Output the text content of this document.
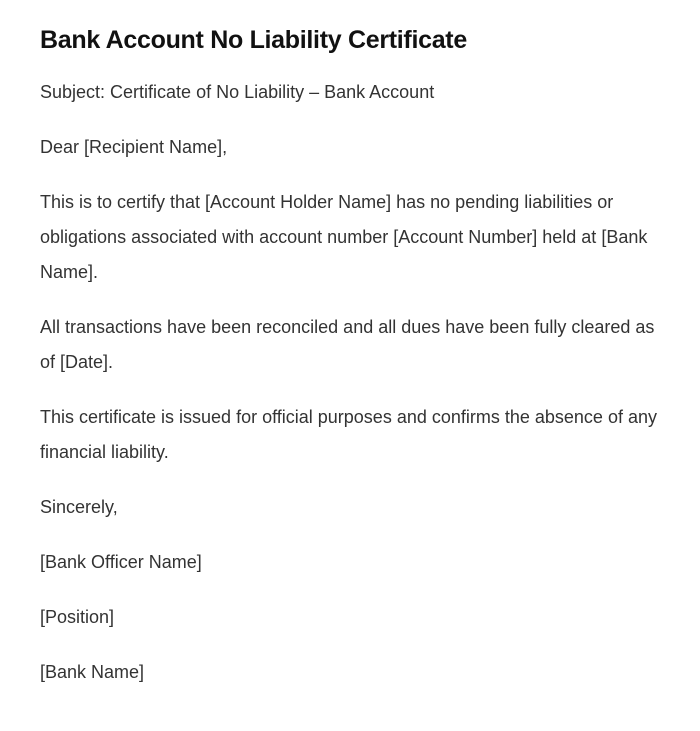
Bank Account No Liability Certificate

Subject: Certificate of No Liability – Bank Account

Dear [Recipient Name],

This is to certify that [Account Holder Name] has no pending liabilities or obligations associated with account number [Account Number] held at [Bank Name].

All transactions have been reconciled and all dues have been fully cleared as of [Date].

This certificate is issued for official purposes and confirms the absence of any financial liability.

Sincerely,

[Bank Officer Name]

[Position]

[Bank Name]
